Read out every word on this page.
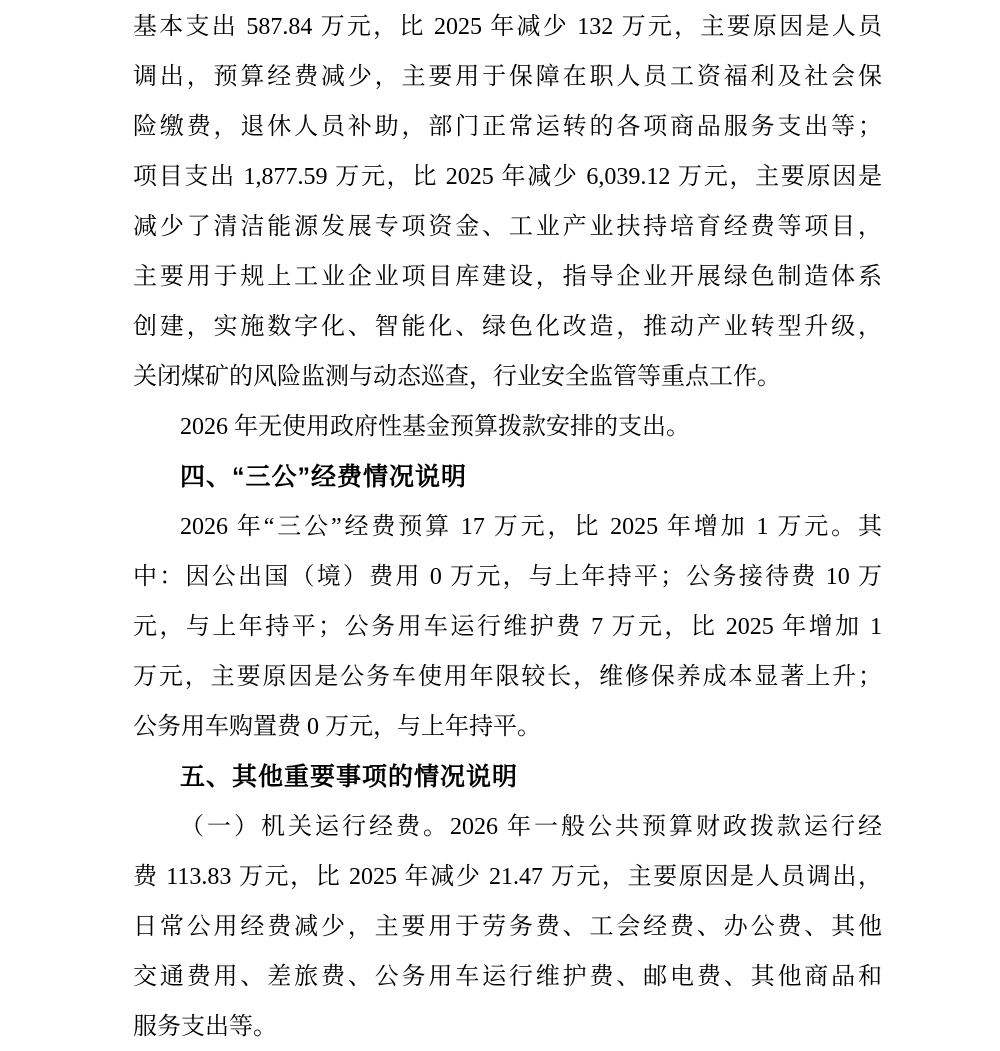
基本支出 587.84 万元，比 2025 年减少 132 万元，主要原因是人员
调出，预算经费减少，主要用于保障在职人员工资福利及社会保
险缴费，退休人员补助，部门正常运转的各项商品服务支出等；
项目支出 1,877.59 万元，比 2025 年减少 6,039.12 万元，主要原因是
减少了清洁能源发展专项资金、工业产业扶持培育经费等项目，
主要用于规上工业企业项目库建设，指导企业开展绿色制造体系
创建，实施数字化、智能化、绿色化改造，推动产业转型升级，
关闭煤矿的风险监测与动态巡查，行业安全监管等重点工作。
2026 年无使用政府性基金预算拨款安排的支出。
四、“三公”经费情况说明
2026 年“三公”经费预算 17 万元，比 2025 年增加 1 万元。其
中：因公出国（境）费用 0 万元，与上年持平；公务接待费 10 万
元，与上年持平；公务用车运行维护费 7 万元，比 2025 年增加 1
万元，主要原因是公务车使用年限较长，维修保养成本显著上升；
公务用车购置费 0 万元，与上年持平。
五、其他重要事项的情况说明
（一）机关运行经费。2026 年一般公共预算财政拨款运行经
费 113.83 万元，比 2025 年减少 21.47 万元，主要原因是人员调出，
日常公用经费减少，主要用于劳务费、工会经费、办公费、其他
交通费用、差旅费、公务用车运行维护费、邮电费、其他商品和
服务支出等。
